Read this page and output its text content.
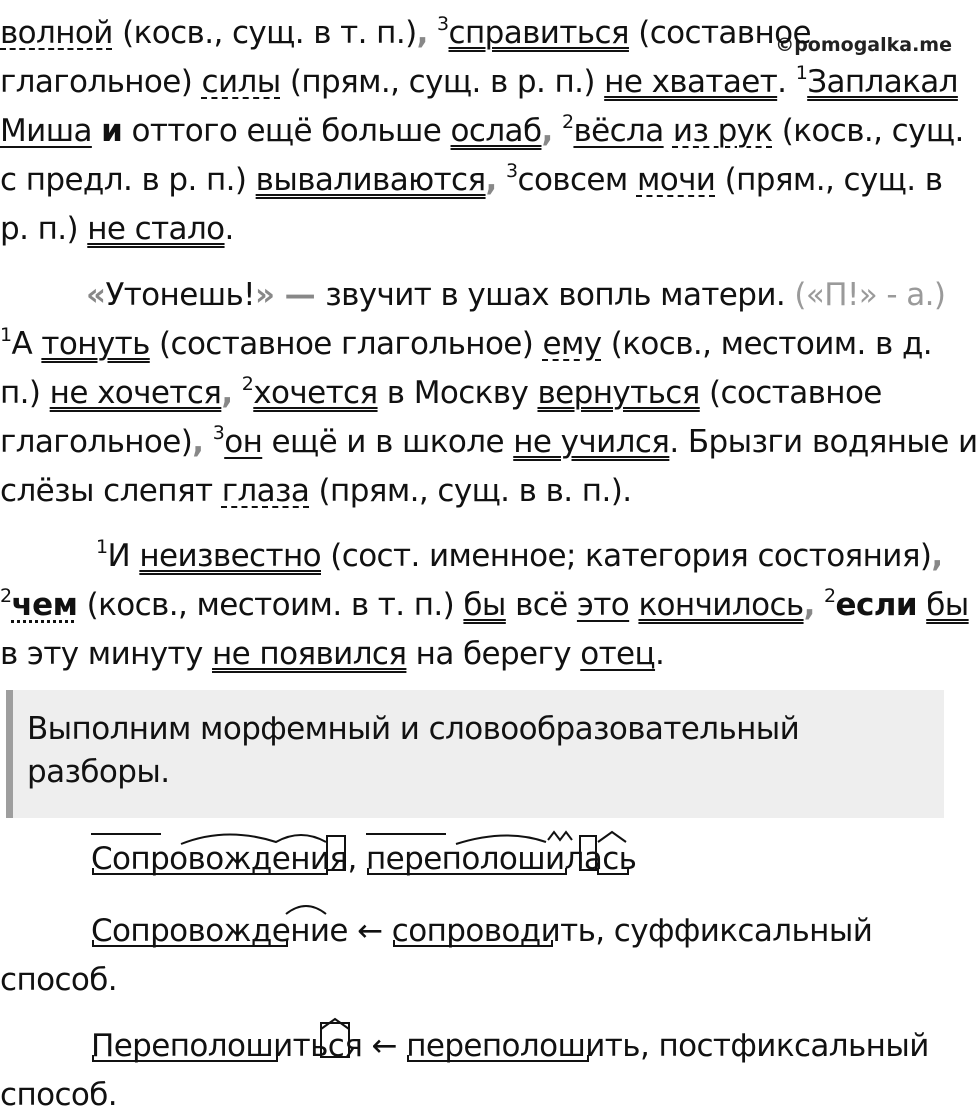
©pomogalka.me
волной (косв., сущ. в т. п.), $^3$справиться (составное
глагольное) силы (прям., сущ. в р. п.) не хватает. $^1$Заплакал
Миша и оттого ещё больше ослаб, $^2$вёсла из рук (косв., сущ.
с предл. в р. п.) вываливаются, $^3$совсем мочи (прям., сущ. в
р. п.) не стало.
«Утонешь!» — звучит в ушах вопль матери. («П!» - а.)
$^1$А тонуть (составное глагольное) ему (косв., местоим. в д.
п.) не хочется, $^2$хочется в Москву вернуться (составное
глагольное), $^3$он ещё и в школе не учился. Брызги водяные и
слёзы слепят глаза (прям., сущ. в в. п.).
$^1$И неизвестно (сост. именное; категория состояния),
$^2$чем (косв., местоим. в т. п.) бы всё это кончилось, $^2$если бы
в эту минуту не появился на берегу отец.
Выполним морфемный и словообразовательный
разборы.
Сопровождения
, переполошилась
Сопровождение
← сопроводить
, суффиксальный
способ.
Переполошиться
← переполошить
, постфиксальный
способ.
